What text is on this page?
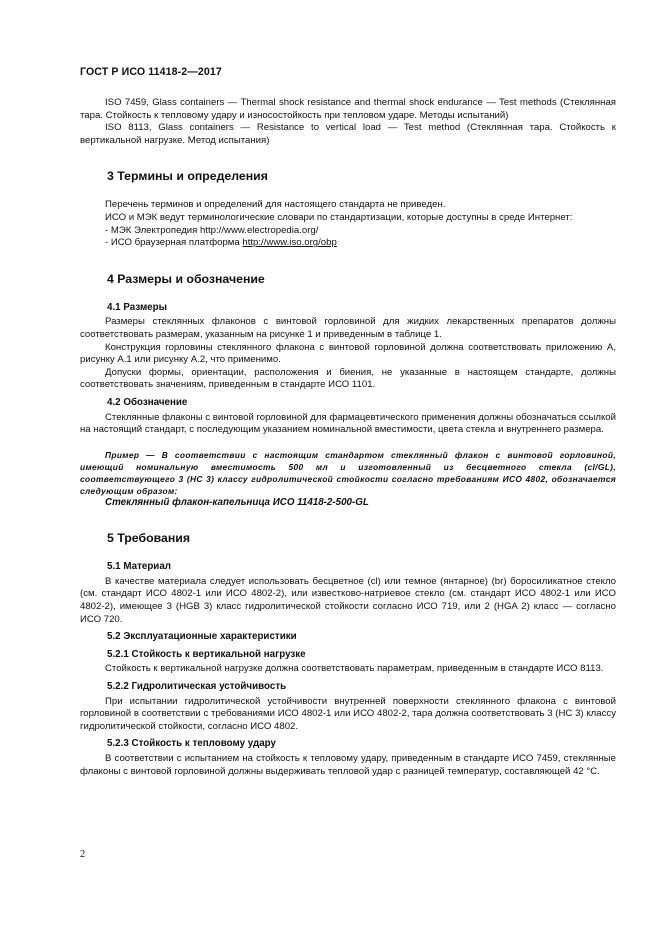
ГОСТ Р ИСО 11418-2—2017

ISO 7459, Glass containers — Thermal shock resistance and thermal shock endurance — Test methods (Стеклянная тара. Стойкость к тепловому удару и износостойкость при тепловом ударе. Методы испытаний)

ISO 8113, Glass containers — Resistance to vertical load — Test method (Стеклянная тара. Стойкость к вертикальной нагрузке. Метод испытания)

3 Термины и определения

Перечень терминов и определений для настоящего стандарта не приведен.

ИСО и МЭК ведут терминологические словари по стандартизации, которые доступны в среде Интернет:

- МЭК Электропедия http://www.electropedia.org/

- ИСО браузерная платформа http://www.iso.org/obp

4 Размеры и обозначение
4.1 Размеры

Размеры стеклянных флаконов с винтовой горловиной для жидких лекарственных препаратов должны соответствовать размерам, указанным на рисунке 1 и приведенным в таблице 1.

Конструкция горловины стеклянного флакона с винтовой горловиной должна соответствовать приложению А, рисунку А.1 или рисунку А.2, что применимо.

Допуски формы, ориентации, расположения и биения, не указанные в настоящем стандарте, должны соответствовать значениям, приведенным в стандарте ИСО 1101.

4.2 Обозначение

Стеклянные флаконы с винтовой горловиной для фармацевтического применения должны обозначаться ссылкой на настоящий стандарт, с последующим указанием номинальной вместимости, цвета стекла и внутреннего размера.

Пример — В соответствии с настоящим стандартом стеклянный флакон с винтовой горловиной, имеющий номинальную вместимость 500 мл и изготовленный из бесцветного стекла (cl/GL), соответствующего 3 (НС 3) классу гидролитической стойкости согласно требованиям ИСО 4802, обозначается следующим образом:
Стеклянный флакон-капельница ИСО 11418-2-500-GL
5 Требования
5.1 Материал

В качестве материала следует использовать бесцветное (cl) или темное (янтарное) (br) боросиликатное стекло (см. стандарт ИСО 4802-1 или ИСО 4802-2), или известково-натриевое стекло (см. стандарт ИСО 4802-1 или ИСО 4802-2), имеющее 3 (HGB 3) класс гидролитической стойкости согласно ИСО 719, или 2 (HGA 2) класс — согласно ИСО 720.

5.2 Эксплуатационные характеристики
5.2.1 Стойкость к вертикальной нагрузке

Стойкость к вертикальной нагрузке должна соответствовать параметрам, приведенным в стандарте ИСО 8113.

5.2.2 Гидролитическая устойчивость

При испытании гидролитической устойчивости внутренней поверхности стеклянного флакона с винтовой горловиной в соответствии с требованиями ИСО 4802-1 или ИСО 4802-2, тара должна соответствовать 3 (НС 3) классу гидролитической стойкости, согласно ИСО 4802.

5.2.3 Стойкость к тепловому удару

В соответствии с испытанием на стойкость к тепловому удару, приведенным в стандарте ИСО 7459, стеклянные флаконы с винтовой горловиной должны выдерживать тепловой удар с разницей температур, составляющей 42 °С.

2
